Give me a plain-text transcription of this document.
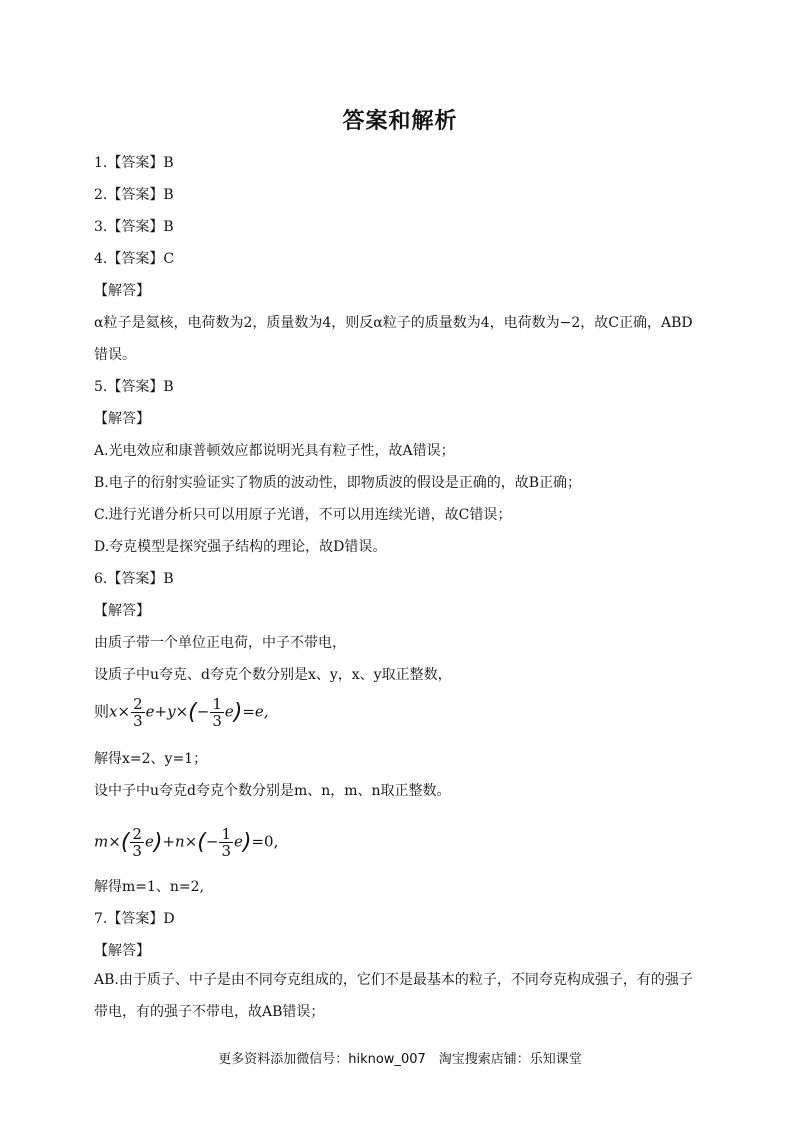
答案和解析
1.【答案】B
2.【答案】B
3.【答案】B
4.【答案】C
【解答】
α粒子是氦核，电荷数为2，质量数为4，则反α粒子的质量数为4，电荷数为−2，故C正确，ABD
错误。
5.【答案】B
【解答】
A.光电效应和康普顿效应都说明光具有粒子性，故A错误；
B.电子的衍射实验证实了物质的波动性，即物质波的假设是正确的，故B正确；
C.进行光谱分析只可以用原子光谱，不可以用连续光谱，故C错误；
D.夸克模型是探究强子结构的理论，故D错误。
6.【答案】B
【解答】
由质子带一个单位正电荷，中子不带电，
设质子中u夸克、d夸克个数分别是x、y，x、y取正整数，
则$x\times \frac{2}{3} e+y\times(- \frac{1}{3} e)=e$,
解得x=2、y=1；
设中子中u夸克d夸克个数分别是m、n，m、n取正整数。
$m\times( \frac{2}{3} e)+n\times(- \frac{1}{3} e)=0$,
解得m=1、n=2,
7.【答案】D
【解答】
AB.由于质子、中子是由不同夸克组成的，它们不是最基本的粒子，不同夸克构成强子，有的强子带电，有的强子不带电，故AB错误；
更多资料添加微信号：hiknow_007　淘宝搜索店铺：乐知课堂
